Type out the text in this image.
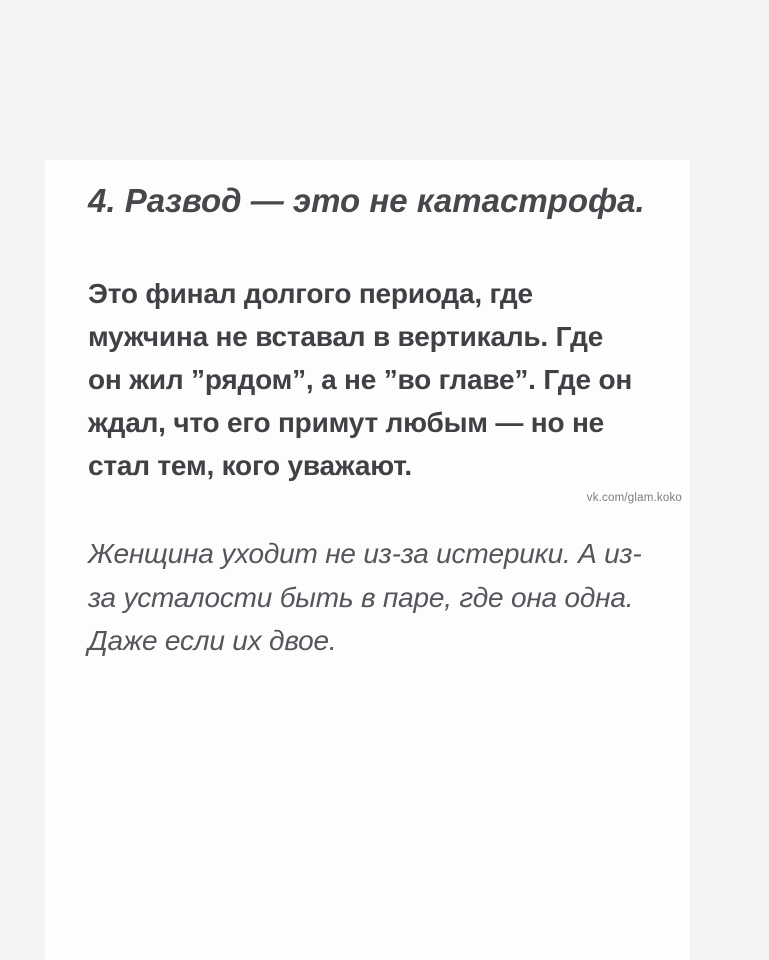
4. Развод — это не катастрофа.
Это финал долгого периода, где
мужчина не вставал в вертикаль. Где
он жил ”рядом”, а не ”во главе”. Где он
ждал, что его примут любым — но не
стал тем, кого уважают.
vk.com/glam.koko
Женщина уходит не из-за истерики. А из-
за усталости быть в паре, где она одна.
Даже если их двое.
